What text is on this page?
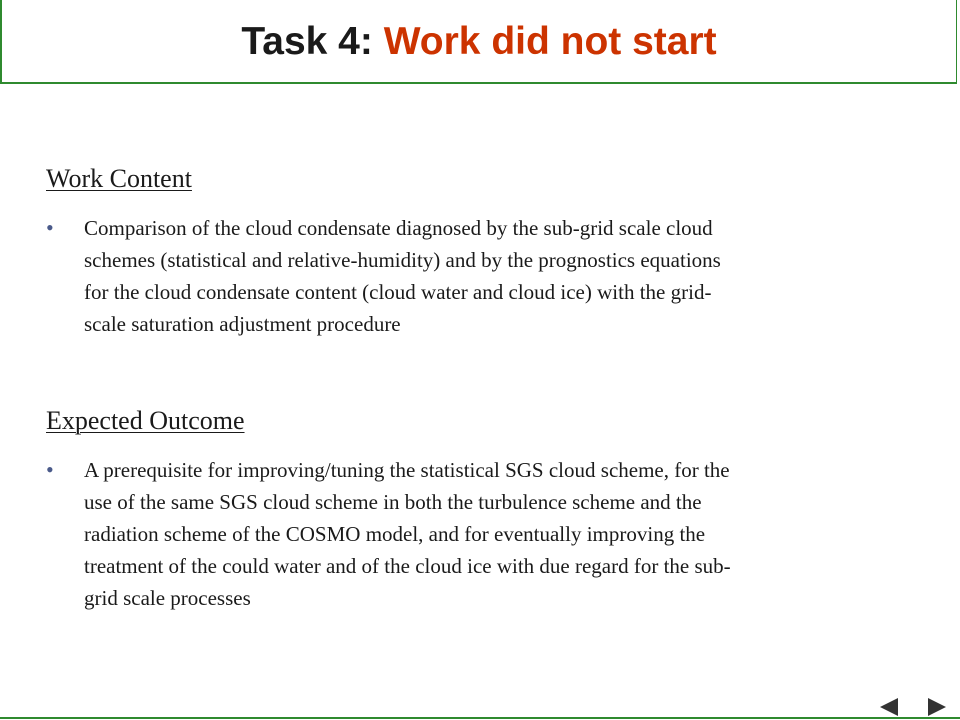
Task 4: Work did not start
Work Content
• Comparison of the cloud condensate diagnosed by the sub-grid scale cloud
schemes (statistical and relative-humidity) and by the prognostics equations
for the cloud condensate content (cloud water and cloud ice) with the grid-
scale saturation adjustment procedure
Expected Outcome
• A prerequisite for improving/tuning the statistical SGS cloud scheme, for the
use of the same SGS cloud scheme in both the turbulence scheme and the
radiation scheme of the COSMO model, and for eventually improving the
treatment of the could water and of the cloud ice with due regard for the sub-
grid scale processes
